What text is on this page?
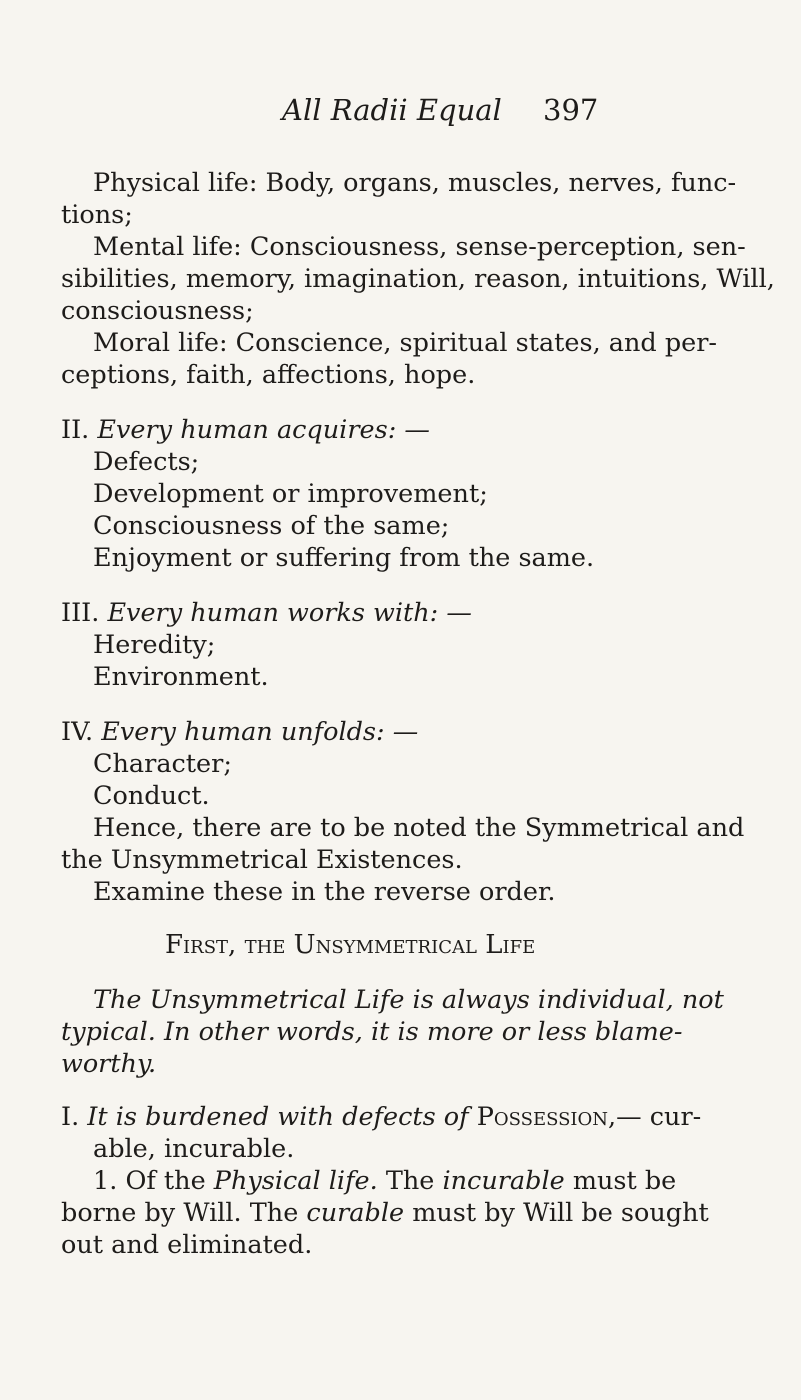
All Radii Equal 397
Physical life: Body, organs, muscles, nerves, func-
tions;
Mental life: Consciousness, sense-perception, sen-
sibilities, memory, imagination, reason, intuitions, Will,
consciousness;
Moral life: Conscience, spiritual states, and per-
ceptions, faith, affections, hope.
II. Every human acquires: —
Defects;
Development or improvement;
Consciousness of the same;
Enjoyment or suffering from the same.
III. Every human works with: —
Heredity;
Environment.
IV. Every human unfolds: —
Character;
Conduct.
Hence, there are to be noted the Symmetrical and
the Unsymmetrical Existences.
Examine these in the reverse order.
First, the Unsymmetrical Life
The Unsymmetrical Life is always individual, not
typical. In other words, it is more or less blame-
worthy.
I. It is burdened with defects of Possession,— cur-
able, incurable.
1. Of the Physical life. The incurable must be
borne by Will. The curable must by Will be sought
out and eliminated.
